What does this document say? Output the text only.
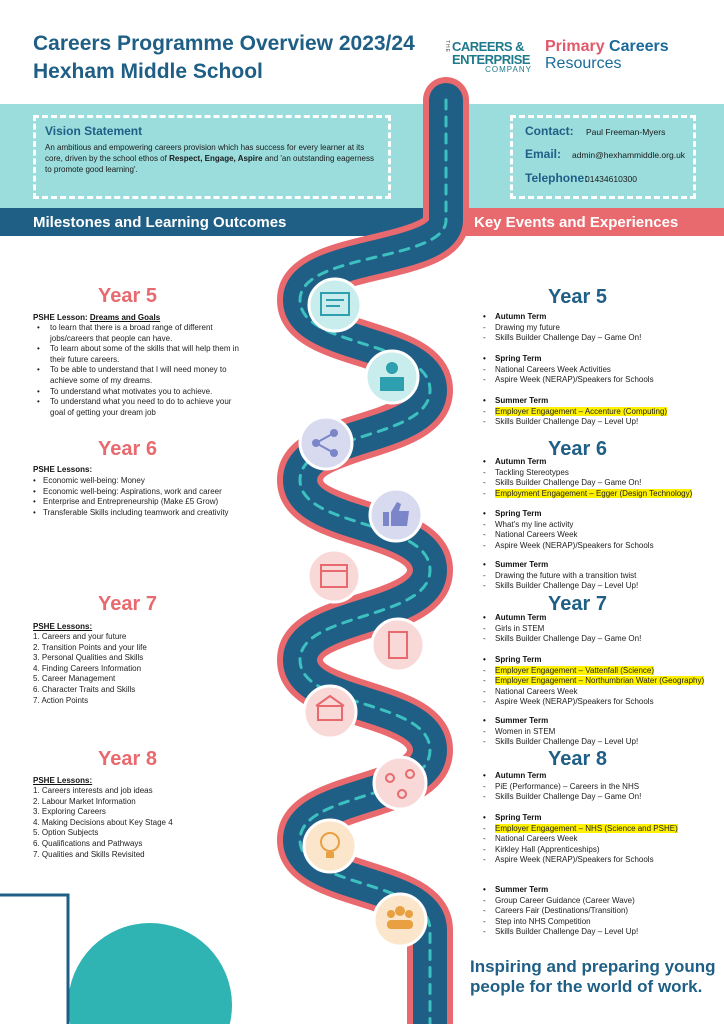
Careers Programme Overview 2023/24
Hexham Middle School
THE CAREERS &
ENTERPRISE
COMPANY
Primary Careers
Resources
Vision Statement
An ambitious and empowering careers provision which has success for every learner at its core, driven by the school ethos of Respect, Engage, Aspire and 'an outstanding eagerness to promote good learning'.
Contact: Paul Freeman-Myers
Email: admin@hexhammiddle.org.uk
Telephone:
01434610300
Milestones and Learning Outcomes	Key Events and Experiences
Year 5
PSHE Lesson: Dreams and Goals
• to learn that there is a broad range of different jobs/careers that people can have.
• To learn about some of the skills that will help them in their future careers.
• To be able to understand that I will need money to achieve some of my dreams.
• To understand what motivates you to achieve.
• To understand what you need to do to achieve your goal of getting your dream job
Year 6
PSHE Lessons:
• Economic well-being: Money
• Economic well-being: Aspirations, work and career
• Enterprise and Entrepreneurship (Make £5 Grow)
• Transferable Skills including teamwork and creativity
Year 7
PSHE Lessons:
1. Careers and your future
2. Transition Points and your life
3. Personal Qualities and Skills
4. Finding Careers Information
5. Career Management
6. Character Traits and Skills
7. Action Points
Year 8
PSHE Lessons:
1. Careers interests and job ideas
2. Labour Market Information
3. Exploring Careers
4. Making Decisions about Key Stage 4
5. Option Subjects
6. Qualifications and Pathways
7. Qualities and Skills Revisited
Year 5
• Autumn Term
- Drawing my future
- Skills Builder Challenge Day – Game On!
• Spring Term
- National Careers Week Activities
- Aspire Week (NERAP)/Speakers for Schools
• Summer Term
- Employer Engagement – Accenture (Computing)
- Skills Builder Challenge Day – Level Up!
Year 6
• Autumn Term
- Tackling Stereotypes
- Skills Builder Challenge Day – Game On!
- Employment Engagement – Egger (Design Technology)
• Spring Term
- What's my line activity
- National Careers Week
- Aspire Week (NERAP)/Speakers for Schools
• Summer Term
- Drawing the future with a transition twist
- Skills Builder Challenge Day – Level Up!
Year 7
• Autumn Term
- Girls in STEM
- Skills Builder Challenge Day – Game On!
• Spring Term
- Employer Engagement – Vattenfall (Science)
- Employer Engagement – Northumbrian Water (Geography)
- National Careers Week
- Aspire Week (NERAP)/Speakers for Schools
• Summer Term
- Women in STEM
- Skills Builder Challenge Day – Level Up!
Year 8
• Autumn Term
- PiE (Performance) – Careers in the NHS
- Skills Builder Challenge Day – Game On!
• Spring Term
- Employer Engagement – NHS (Science and PSHE)
- National Careers Week
- Kirkley Hall (Apprenticeships)
- Aspire Week (NERAP)/Speakers for Schools
• Summer Term
- Group Career Guidance (Career Wave)
- Careers Fair (Destinations/Transition)
- Step into NHS Competition
- Skills Builder Challenge Day – Level Up!
Inspiring and preparing young people for the world of work.
